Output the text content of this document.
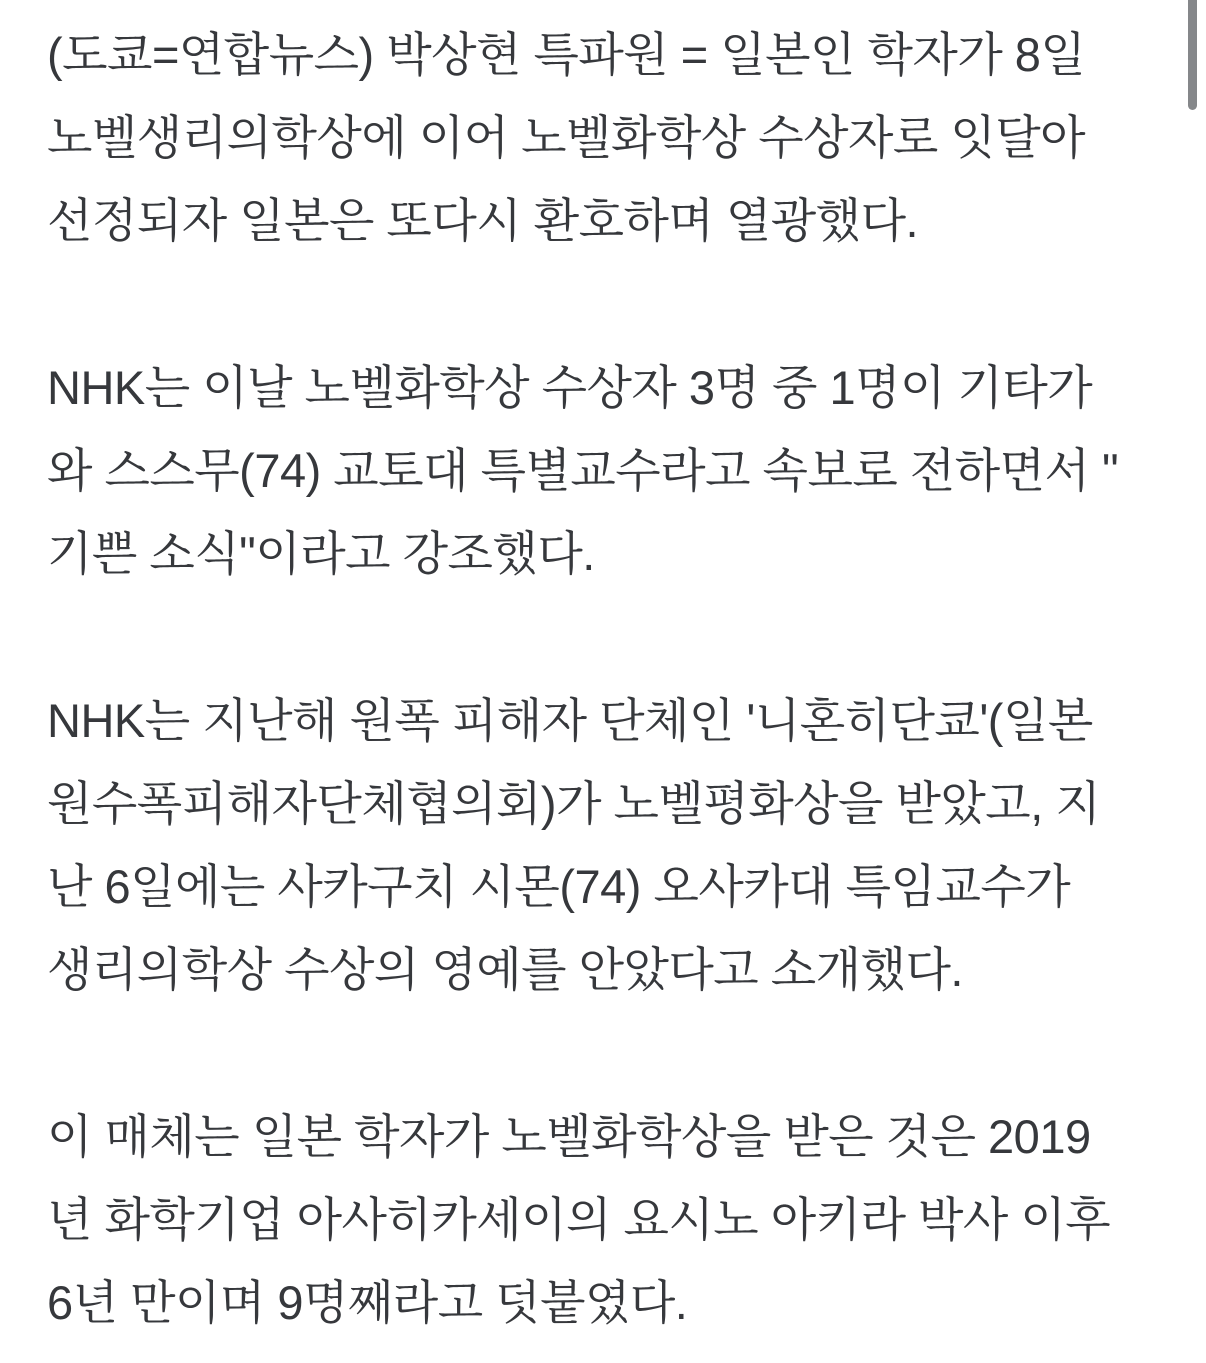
(도쿄=연합뉴스) 박상현 특파원 = 일본인 학자가 8일
노벨생리의학상에 이어 노벨화학상 수상자로 잇달아
선정되자 일본은 또다시 환호하며 열광했다.

NHK는 이날 노벨화학상 수상자 3명 중 1명이 기타가
와 스스무(74) 교토대 특별교수라고 속보로 전하면서 "
기쁜 소식"이라고 강조했다.

NHK는 지난해 원폭 피해자 단체인 '니혼히단쿄'(일본
원수폭피해자단체협의회)가 노벨평화상을 받았고, 지
난 6일에는 사카구치 시몬(74) 오사카대 특임교수가
생리의학상 수상의 영예를 안았다고 소개했다.

이 매체는 일본 학자가 노벨화학상을 받은 것은 2019
년 화학기업 아사히카세이의 요시노 아키라 박사 이후
6년 만이며 9명째라고 덧붙였다.
